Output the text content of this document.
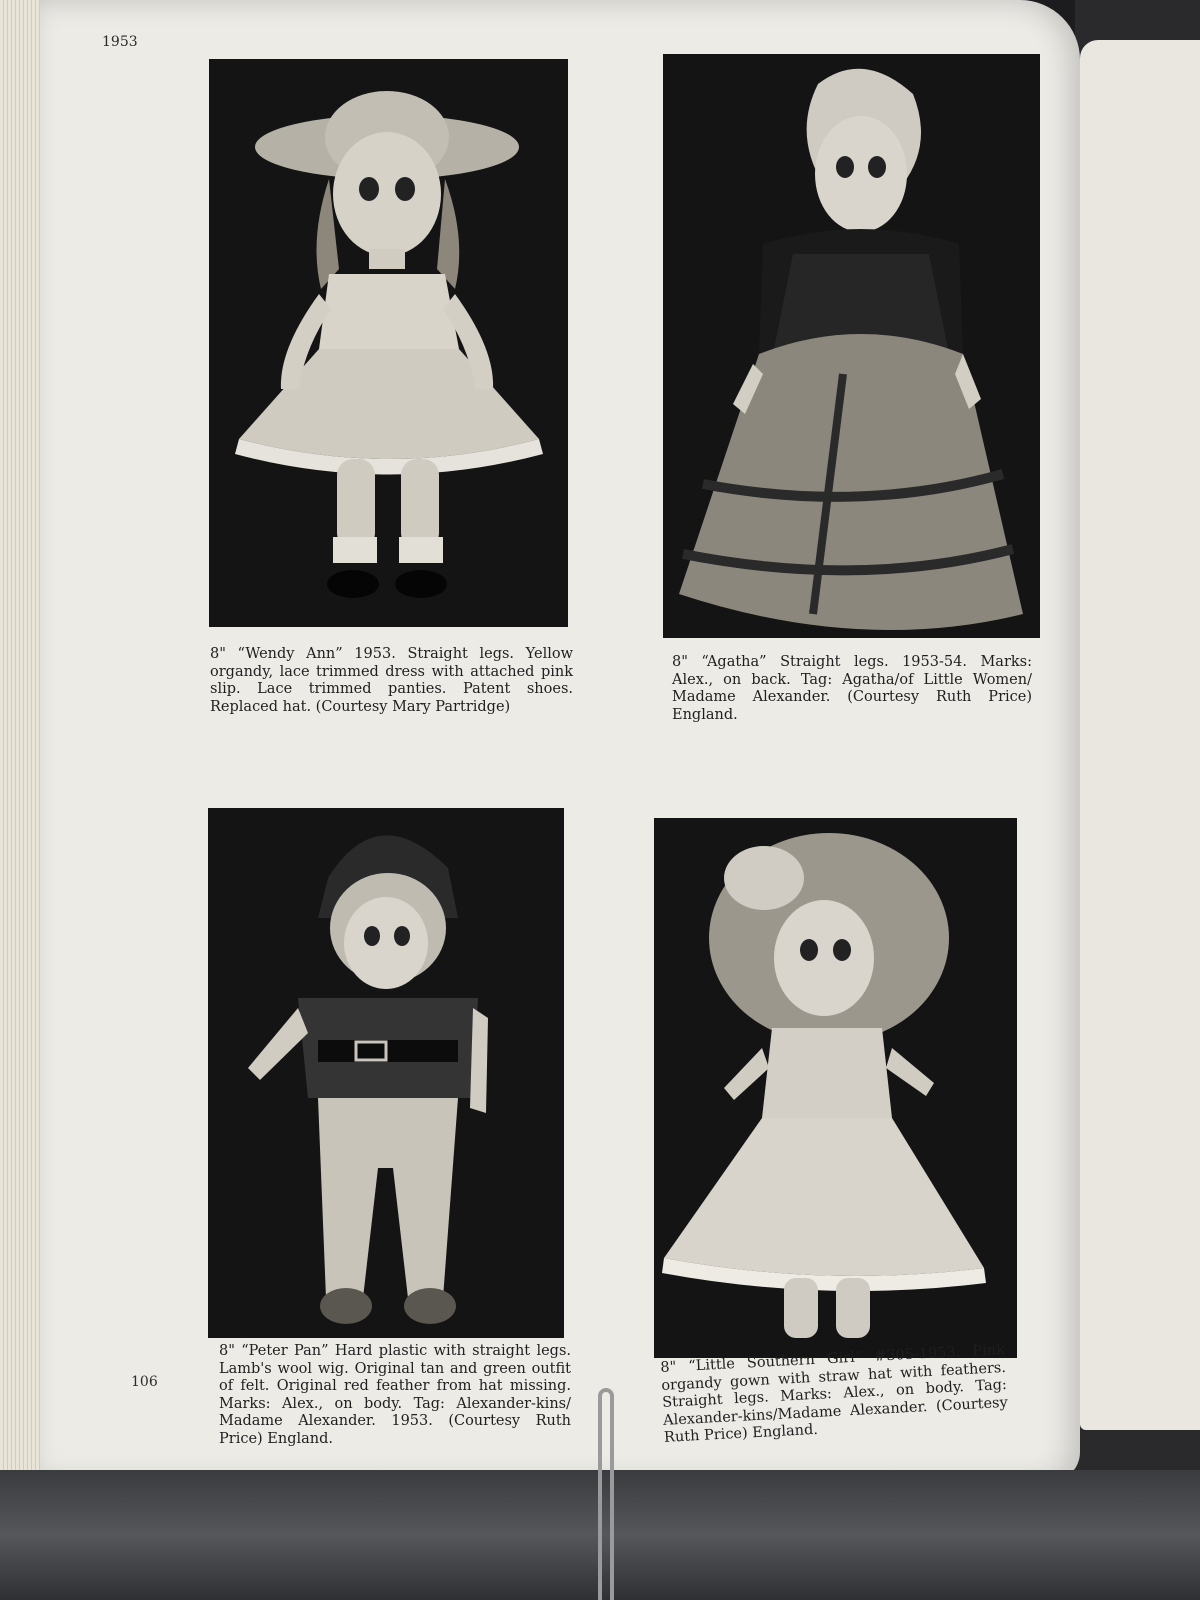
1953

8" “Wendy Ann” 1953. Straight legs. Yellow organdy, lace trimmed dress with attached pink slip. Lace trimmed panties. Patent shoes. Replaced hat. (Courtesy Mary Partridge)

8" “Agatha” Straight legs. 1953-54. Marks: Alex., on back. Tag: Agatha/of Little Women/ Madame Alexander. (Courtesy Ruth Price) England.

8" “Peter Pan” Hard plastic with straight legs. Lamb's wool wig. Original tan and green outfit of felt. Original red feather from hat missing. Marks: Alex., on body. Tag: Alexander-kins/ Madame Alexander. 1953. (Courtesy Ruth Price) England.

8" “Little Southern Girl” #305-1953. Pink organdy gown with straw hat with feathers. Straight legs. Marks: Alex., on body. Tag: Alexander-kins/Madame Alexander. (Courtesy Ruth Price) England.

106
